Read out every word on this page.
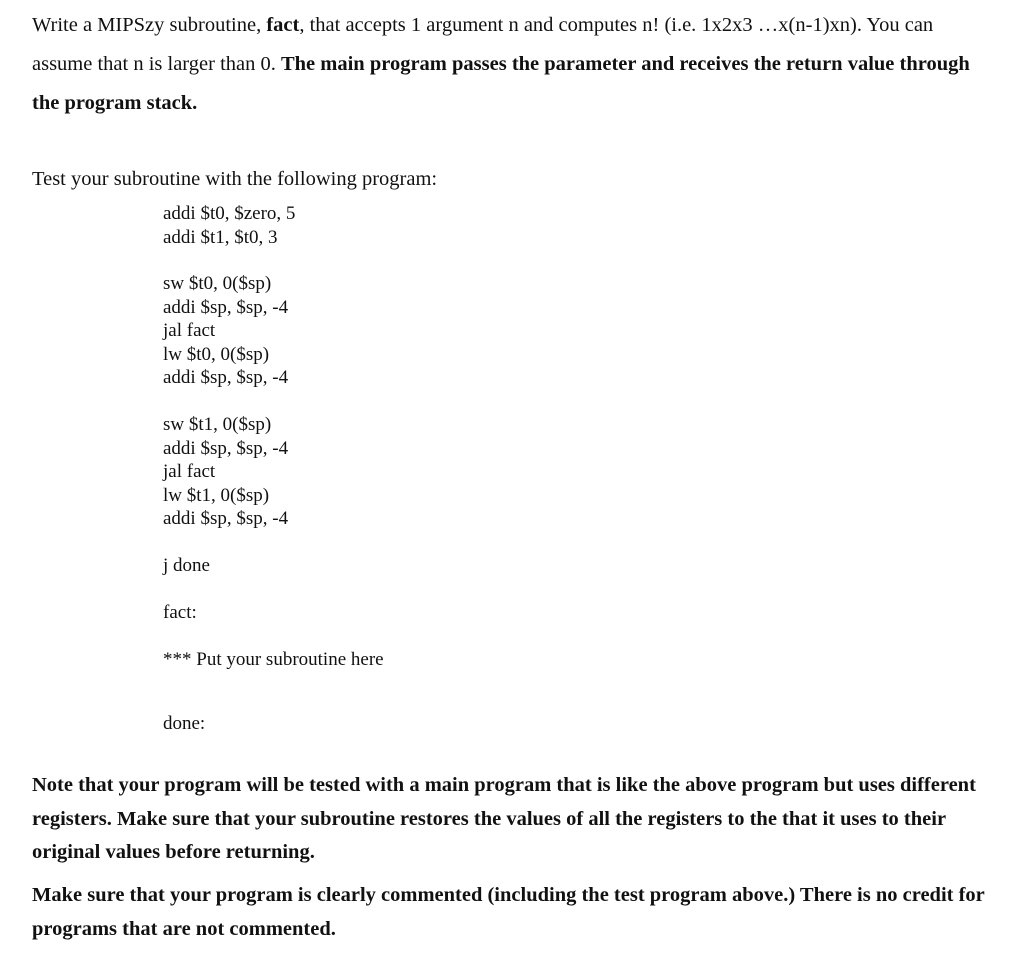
Write a MIPSzy subroutine, fact, that accepts 1 argument n and computes n! (i.e. 1x2x3 …x(n-1)xn). You can assume that n is larger than 0. The main program passes the parameter and receives the return value through the program stack.
Test your subroutine with the following program:
addi $t0, $zero, 5
addi $t1, $t0, 3
sw $t0, 0($sp)
addi $sp, $sp, -4
jal fact
lw $t0, 0($sp)
addi $sp, $sp, -4
sw $t1, 0($sp)
addi $sp, $sp, -4
jal fact
lw $t1, 0($sp)
addi $sp, $sp, -4
j done
fact:
*** Put your subroutine here
done:
Note that your program will be tested with a main program that is like the above program but uses different registers. Make sure that your subroutine restores the values of all the registers to the that it uses to their original values before returning.
Make sure that your program is clearly commented (including the test program above.) There is no credit for programs that are not commented.
